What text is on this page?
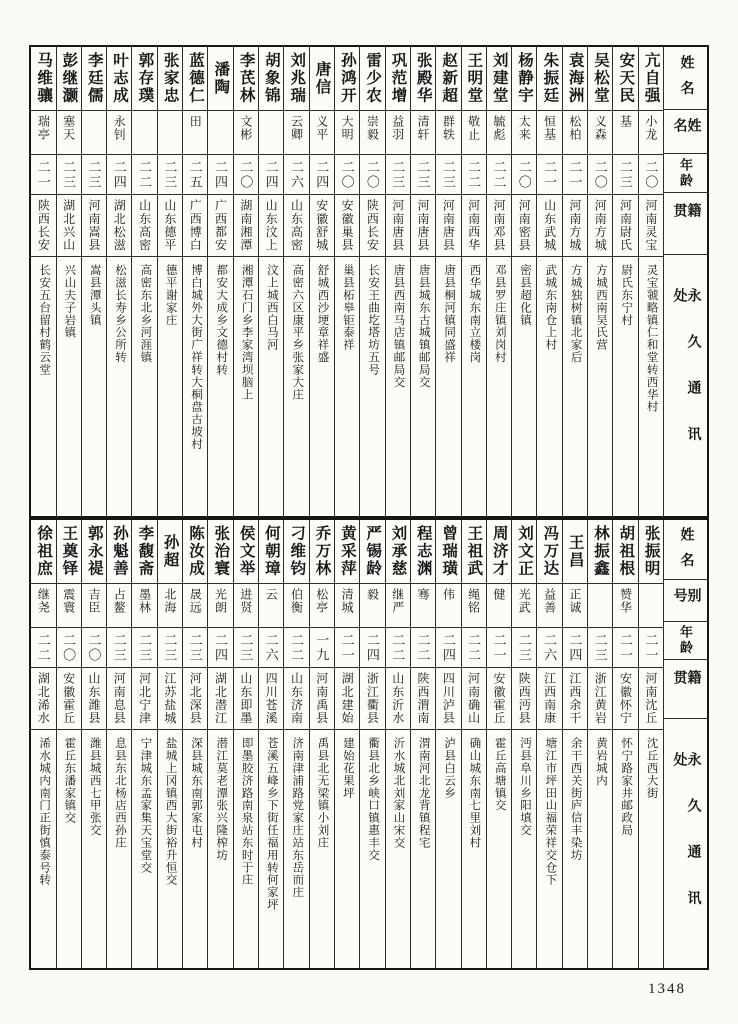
姓名
姓名
年龄
籍贯
永久通讯处
亢自强
小龙
二〇
河南灵宝
灵宝虢略镇仁和堂转西华村
安天民
基
二三
河南尉氏
尉氏东宁村
吴松堂
义森
二〇
河南方城
方城西南吴氏营
袁海洲
松柏
二一
河南方城
方城独树镇北家后
朱振廷
恒基
二一
山东武城
武城东南仓上村
杨静宇
太来
二〇
河南密县
密县超化镇
刘建堂
毓彪
二二
河南邓县
邓县罗庄镇刘岗村
王明堂
敬止
二二
河南西华
西华城东南立楼岗
赵新超
群轶
二三
河南唐县
唐县桐河镇同盛祥
张殿华
清轩
二三
河南唐县
唐县城东古城镇邮局交
巩范增
益羽
二三
河南唐县
唐县西南马店镇邮局交
雷少农
崇毅
二〇
陕西长安
长安王曲圪塔坊五号
孙鸿开
大明
二〇
安徽巢县
巢县柘皋钜泰祥
唐信
义平
二四
安徽舒城
舒城西沙埂章祥盛
刘兆瑞
云卿
二六
山东高密
高密六区康平乡张家大庄
胡象锦
二四
山东汶上
汶上城西白马河
李芪林
文彬
二〇
湖南湘潭
湘潭石门乡李家湾坝脑上
潘陶
二四
广西都安
都安大成乡文德村转
蓝德仁
田
二五
广西博白
博白城外大街广祥转大桐盘古坡村
张家忠
二三
山东德平
德平谢家庄
郭存璞
二二
山东高密
高密东北乡河涯镇
叶志成
永钊
二四
湖北松滋
松滋长寿乡公所转
李廷儒
二三
河南嵩县
嵩县潭头镇
彭继灏
塞天
二三
湖北兴山
兴山夫子岩镇
马维骧
瑞亭
二一
陕西长安
长安五台留村鹤云堂
姓名
别号
年龄
籍贯
永久通讯处
张振明
二一
河南沈丘
沈丘西大街
胡祖根
赞华
二一
安徽怀宁
怀宁路家井邮政局
林振鑫
二三
浙江黄岩
黄岩城内
王昌
正诚
二四
江西余干
余干西关街庐信丰染坊
冯万达
益善
二六
江西南康
塘江市坪田山福荣祥交仓下
刘文正
光武
二三
陕西沔县
沔县阜川乡阳填交
周济才
健
二一
安徽霍丘
霍丘高塘镇交
王祖武
绳铭
二二
河南确山
确山城东南七里刘村
曾瑞璜
伟
二四
四川泸县
泸县白云乡
程志渊
骞
二二
陕西渭南
渭南河北龙背镇程宅
刘承慈
继严
二二
山东沂水
沂水城北刘家山宋交
严锡龄
毅
二四
浙江衢县
衢县北乡峡口镇惠丰交
黄采萍
清城
二一
湖北建始
建始花果坪
乔万林
松亭
一九
河南禹县
禹县北无梁镇小刘庄
刁维钧
伯衡
二二
山东济南
济南津浦路党家庄站东岳而庄
何朝璋
云
二六
四川苍溪
苍溪五峰乡下街任福用转何家坪
侯文举
进贤
二三
山东即墨
即墨胶济路南泉站东时于庄
张治寰
光朗
二四
湖北潜江
潜江莫老潭张兴隆榨坊
陈汝成
晟远
二三
河北深县
深县城东南郭家屯村
孙超
北海
二三
江苏盐城
盐城上冈镇西大街裕升恒交
李馥斋
墨林
二三
河北宁津
宁津城东孟家集天宝堂交
孙魁善
占鳌
二三
河南息县
息县东北杨店西孙庄
郭永禔
吉臣
二〇
山东潍县
潍县城西七甲张交
王奠铎
震寰
二〇
安徽霍丘
霍丘东潘家镇交
徐祖庶
继尧
二二
湖北浠水
浠水城内南门正街慎泰号转
1348
